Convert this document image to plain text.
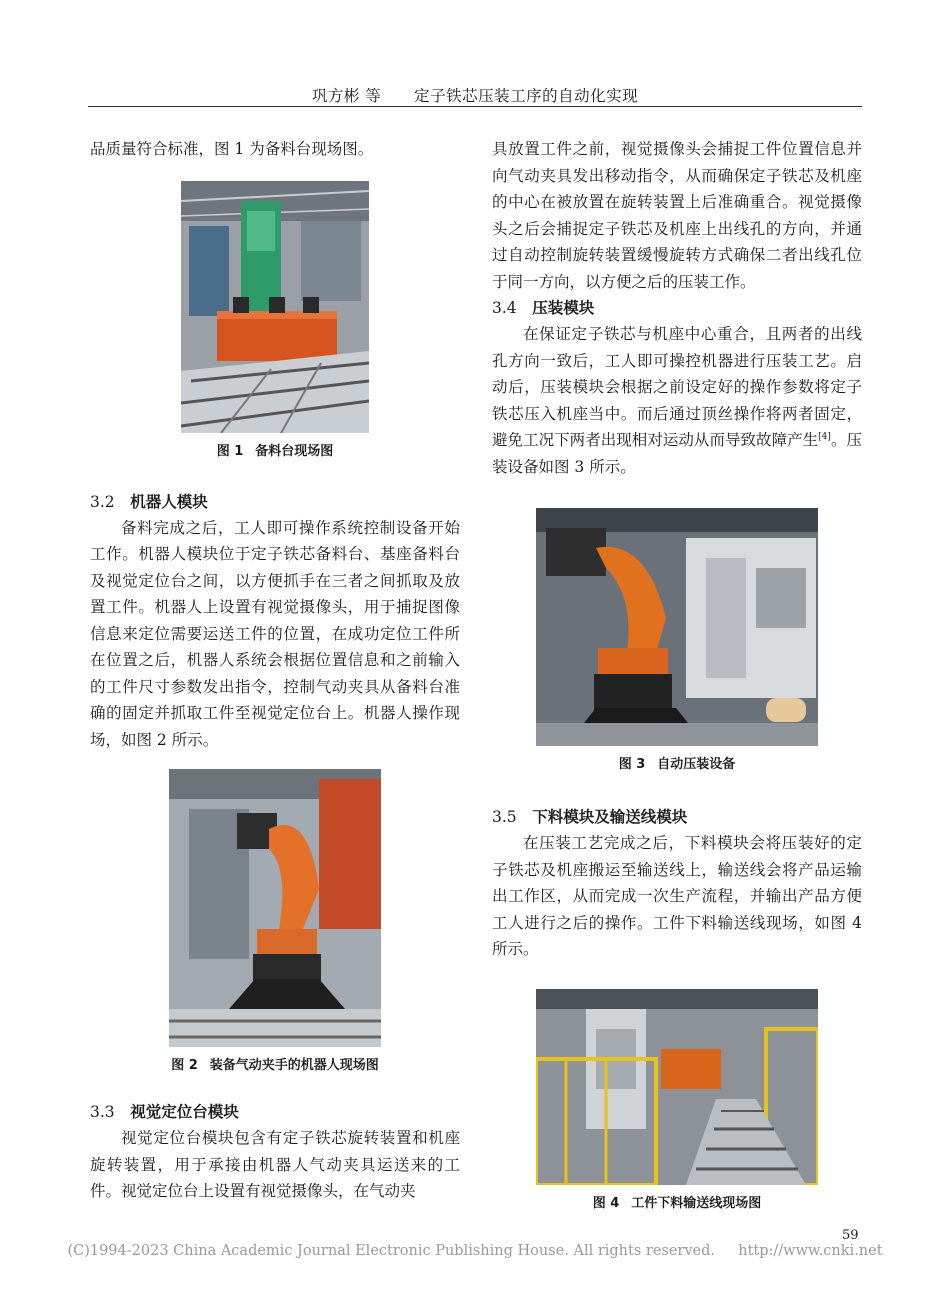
巩方彬 等 定子铁芯压装工序的自动化实现

品质量符合标准，图 1 为备料台现场图。

图 1 备料台现场图
3.2 机器人模块

备料完成之后，工人即可操作系统控制设备开始工作。机器人模块位于定子铁芯备料台、基座备料台及视觉定位台之间，以方便抓手在三者之间抓取及放置工件。机器人上设置有视觉摄像头，用于捕捉图像信息来定位需要运送工件的位置，在成功定位工件所在位置之后，机器人系统会根据位置信息和之前输入的工件尺寸参数发出指令，控制气动夹具从备料台准确的固定并抓取工件至视觉定位台上。机器人操作现场，如图 2 所示。

图 2 装备气动夹手的机器人现场图
3.3 视觉定位台模块

视觉定位台模块包含有定子铁芯旋转装置和机座旋转装置，用于承接由机器人气动夹具运送来的工件。视觉定位台上设置有视觉摄像头，在气动夹

具放置工件之前，视觉摄像头会捕捉工件位置信息并向气动夹具发出移动指令，从而确保定子铁芯及机座的中心在被放置在旋转装置上后准确重合。视觉摄像头之后会捕捉定子铁芯及机座上出线孔的方向，并通过自动控制旋转装置缓慢旋转方式确保二者出线孔位于同一方向，以方便之后的压装工作。

3.4 压装模块

在保证定子铁芯与机座中心重合，且两者的出线孔方向一致后，工人即可操控机器进行压装工艺。启动后，压装模块会根据之前设定好的操作参数将定子铁芯压入机座当中。而后通过顶丝操作将两者固定，避免工况下两者出现相对运动从而导致故障产生[4]。压装设备如图 3 所示。

图 3 自动压装设备
3.5 下料模块及输送线模块

在压装工艺完成之后，下料模块会将压装好的定子铁芯及机座搬运至输送线上，输送线会将产品运输出工作区，从而完成一次生产流程，并输出产品方便工人进行之后的操作。工件下料输送线现场，如图 4 所示。

图 4 工件下料输送线现场图
59
(C)1994-2023 China Academic Journal Electronic Publishing House. All rights reserved. http://www.cnki.net
